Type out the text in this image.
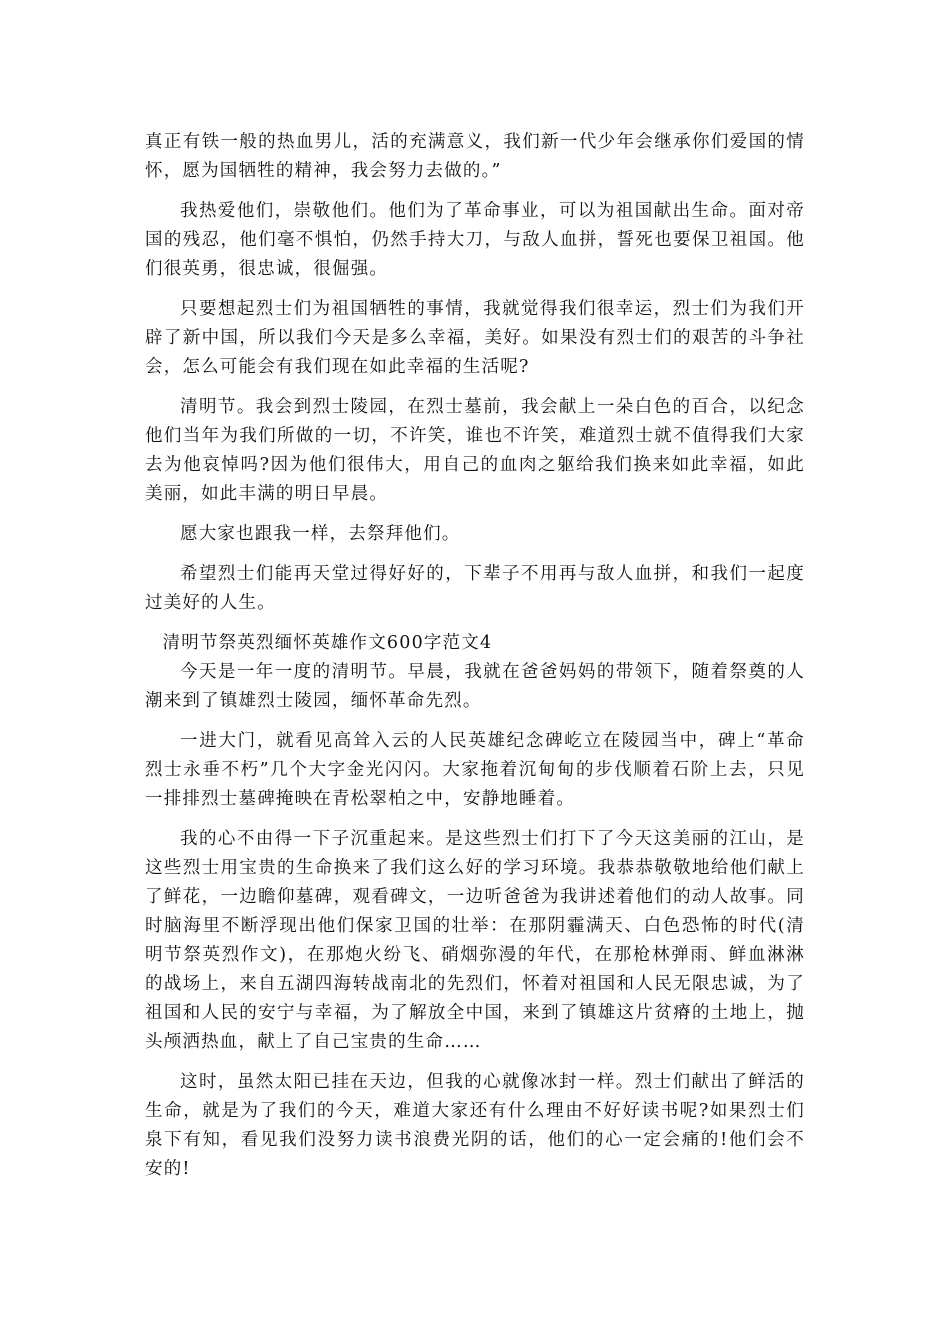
真正有铁一般的热血男儿，活的充满意义，我们新一代少年会继承你们爱国的情怀，愿为国牺牲的精神，我会努力去做的。”

我热爱他们，崇敬他们。他们为了革命事业，可以为祖国献出生命。面对帝国的残忍，他们毫不惧怕，仍然手持大刀，与敌人血拼，誓死也要保卫祖国。他们很英勇，很忠诚，很倔强。

只要想起烈士们为祖国牺牲的事情，我就觉得我们很幸运，烈士们为我们开辟了新中国，所以我们今天是多么幸福，美好。如果没有烈士们的艰苦的斗争社会，怎么可能会有我们现在如此幸福的生活呢?

清明节。我会到烈士陵园，在烈士墓前，我会献上一朵白色的百合，以纪念他们当年为我们所做的一切，不许笑，谁也不许笑，难道烈士就不值得我们大家去为他哀悼吗?因为他们很伟大，用自己的血肉之躯给我们换来如此幸福，如此美丽，如此丰满的明日早晨。

愿大家也跟我一样，去祭拜他们。

希望烈士们能再天堂过得好好的，下辈子不用再与敌人血拼，和我们一起度过美好的人生。

清明节祭英烈缅怀英雄作文600字范文4

今天是一年一度的清明节。早晨，我就在爸爸妈妈的带领下，随着祭奠的人潮来到了镇雄烈士陵园，缅怀革命先烈。

一进大门，就看见高耸入云的人民英雄纪念碑屹立在陵园当中，碑上“革命烈士永垂不朽”几个大字金光闪闪。大家拖着沉甸甸的步伐顺着石阶上去，只见一排排烈士墓碑掩映在青松翠柏之中，安静地睡着。

我的心不由得一下子沉重起来。是这些烈士们打下了今天这美丽的江山，是这些烈士用宝贵的生命换来了我们这么好的学习环境。我恭恭敬敬地给他们献上了鲜花，一边瞻仰墓碑，观看碑文，一边听爸爸为我讲述着他们的动人故事。同时脑海里不断浮现出他们保家卫国的壮举：在那阴霾满天、白色恐怖的时代(清明节祭英烈作文)，在那炮火纷飞、硝烟弥漫的年代，在那枪林弹雨、鲜血淋淋的战场上，来自五湖四海转战南北的先烈们，怀着对祖国和人民无限忠诚，为了祖国和人民的安宁与幸福，为了解放全中国，来到了镇雄这片贫瘠的土地上，抛头颅洒热血，献上了自己宝贵的生命……

这时，虽然太阳已挂在天边，但我的心就像冰封一样。烈士们献出了鲜活的生命，就是为了我们的今天，难道大家还有什么理由不好好读书呢?如果烈士们泉下有知，看见我们没努力读书浪费光阴的话，他们的心一定会痛的!他们会不安的!
